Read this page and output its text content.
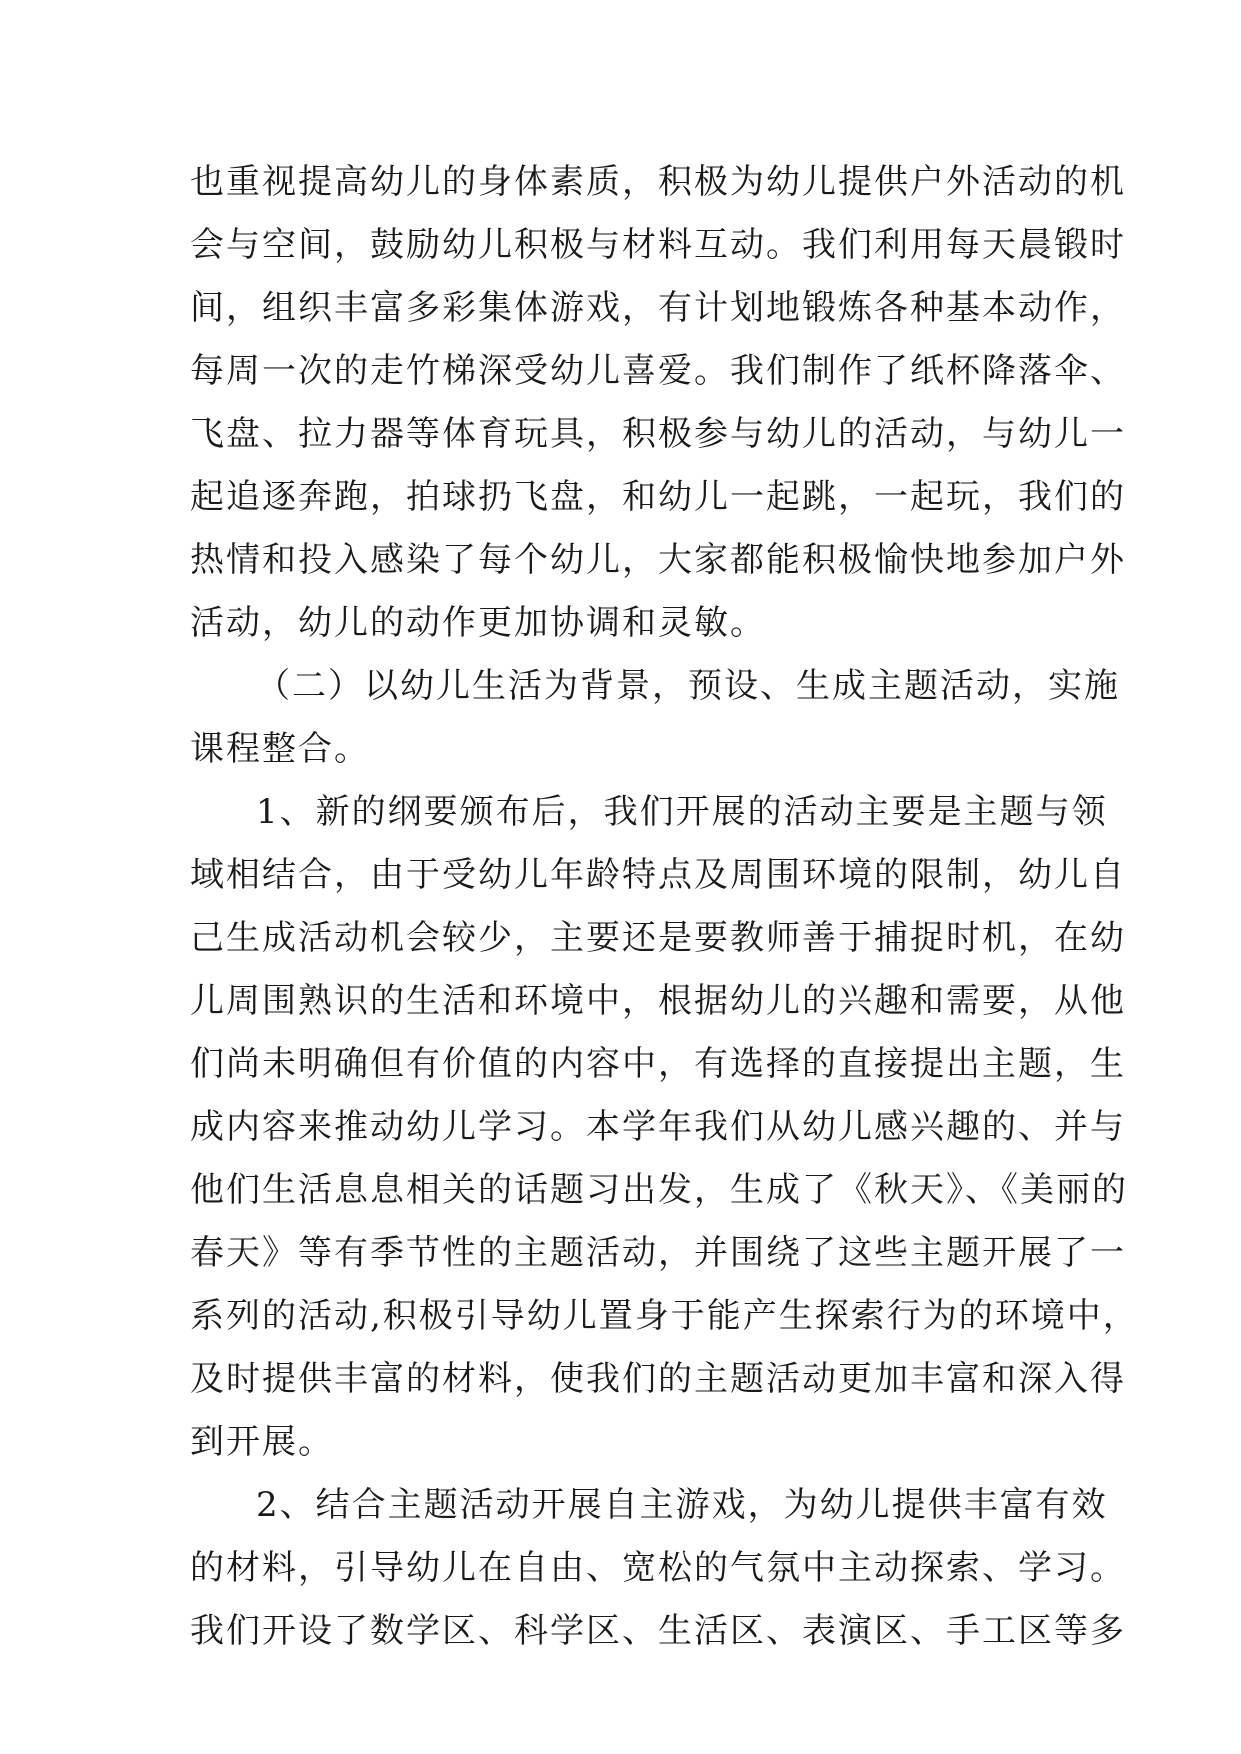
也重视提高幼儿的身体素质，积极为幼儿提供户外活动的机
会与空间，鼓励幼儿积极与材料互动。我们利用每天晨锻时
间，组织丰富多彩集体游戏，有计划地锻炼各种基本动作，
每周一次的走竹梯深受幼儿喜爱。我们制作了纸杯降落伞、
飞盘、拉力器等体育玩具，积极参与幼儿的活动，与幼儿一
起追逐奔跑，拍球扔飞盘，和幼儿一起跳，一起玩，我们的
热情和投入感染了每个幼儿，大家都能积极愉快地参加户外
活动，幼儿的动作更加协调和灵敏。
（二）以幼儿生活为背景，预设、生成主题活动，实施
课程整合。
1、新的纲要颁布后，我们开展的活动主要是主题与领
域相结合，由于受幼儿年龄特点及周围环境的限制，幼儿自
己生成活动机会较少，主要还是要教师善于捕捉时机，在幼
儿周围熟识的生活和环境中，根据幼儿的兴趣和需要，从他
们尚未明确但有价值的内容中，有选择的直接提出主题，生
成内容来推动幼儿学习。本学年我们从幼儿感兴趣的、并与
他们生活息息相关的话题习出发，生成了《秋天》、《美丽的
春天》等有季节性的主题活动，并围绕了这些主题开展了一
系列的活动,积极引导幼儿置身于能产生探索行为的环境中，
及时提供丰富的材料，使我们的主题活动更加丰富和深入得
到开展。
2、结合主题活动开展自主游戏，为幼儿提供丰富有效
的材料，引导幼儿在自由、宽松的气氛中主动探索、学习。
我们开设了数学区、科学区、生活区、表演区、手工区等多
